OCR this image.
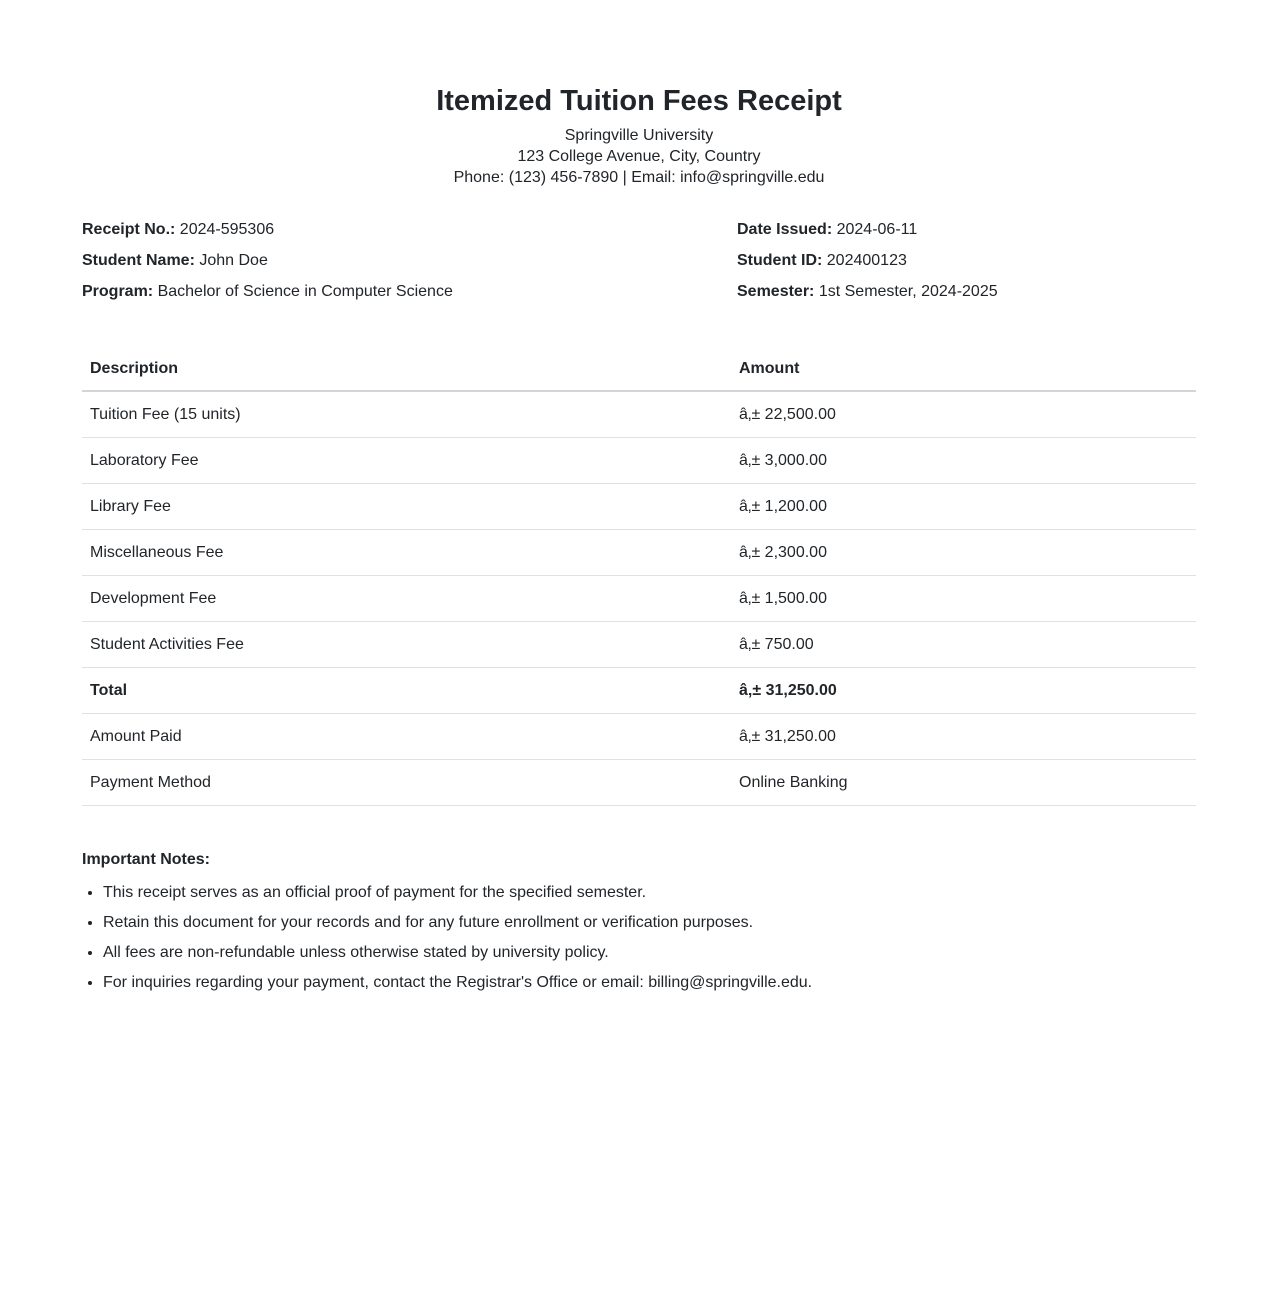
Itemized Tuition Fees Receipt

Springville University

123 College Avenue, City, Country

Phone: (123) 456-7890 | Email: info@springville.edu

Receipt No.: 2024-595306

Student Name: John Doe

Program: Bachelor of Science in Computer Science

Date Issued: 2024-06-11

Student ID: 202400123

Semester: 1st Semester, 2024-2025

Description	Amount
Tuition Fee (15 units)	â‚± 22,500.00
Laboratory Fee	â‚± 3,000.00
Library Fee	â‚± 1,200.00
Miscellaneous Fee	â‚± 2,300.00
Development Fee	â‚± 1,500.00
Student Activities Fee	â‚± 750.00
Total	â‚± 31,250.00
Amount Paid	â‚± 31,250.00
Payment Method	Online Banking

Important Notes:

• This receipt serves as an official proof of payment for the specified semester.
• Retain this document for your records and for any future enrollment or verification purposes.
• All fees are non-refundable unless otherwise stated by university policy.
• For inquiries regarding your payment, contact the Registrar's Office or email: billing@springville.edu.
